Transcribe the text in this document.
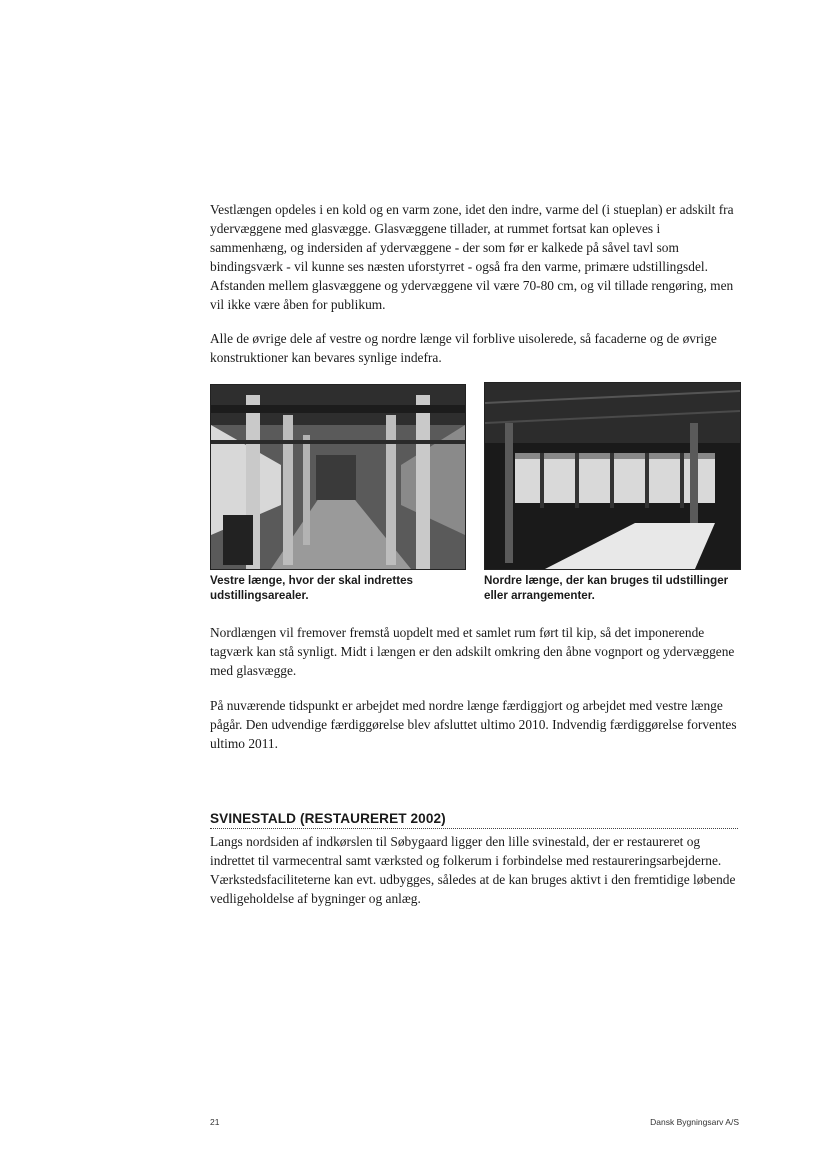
Vestlængen opdeles i en kold og en varm zone, idet den indre, varme del (i stueplan) er adskilt fra ydervæggene med glasvægge. Glasvæggene tillader, at rummet fortsat kan opleves i sammenhæng, og indersiden af ydervæggene - der som før er kalkede på såvel tavl som bindingsværk - vil kunne ses næsten uforstyrret - også fra den varme, primære udstillingsdel. Afstanden mellem glasvæggene og ydervæggene vil være 70-80 cm, og vil tillade rengøring, men vil ikke være åben for publikum.

Alle de øvrige dele af vestre og nordre længe vil forblive uisolerede, så facaderne og de øvrige konstruktioner kan bevares synlige indefra.

Vestre længe, hvor der skal indrettes udstillingsarealer.

Nordre længe, der kan bruges til udstillinger eller arrangementer.

Nordlængen vil fremover fremstå uopdelt med et samlet rum ført til kip, så det imponerende tagværk kan stå synligt. Midt i længen er den adskilt omkring den åbne vognport og ydervæggene med glasvægge.

På nuværende tidspunkt er arbejdet med nordre længe færdiggjort og arbejdet med vestre længe pågår. Den udvendige færdiggørelse blev afsluttet ultimo 2010. Indvendig færdiggørelse forventes ultimo 2011.

SVINESTALD (RESTAURERET 2002)

Langs nordsiden af indkørslen til Søbygaard ligger den lille svinestald, der er restaureret og indrettet til varmecentral samt værksted og folkerum i forbindelse med restaureringsarbejderne. Værkstedsfaciliteterne kan evt. udbygges, således at de kan bruges aktivt i den fremtidige løbende vedligeholdelse af bygninger og anlæg.

21	Dansk Bygningsarv A/S
